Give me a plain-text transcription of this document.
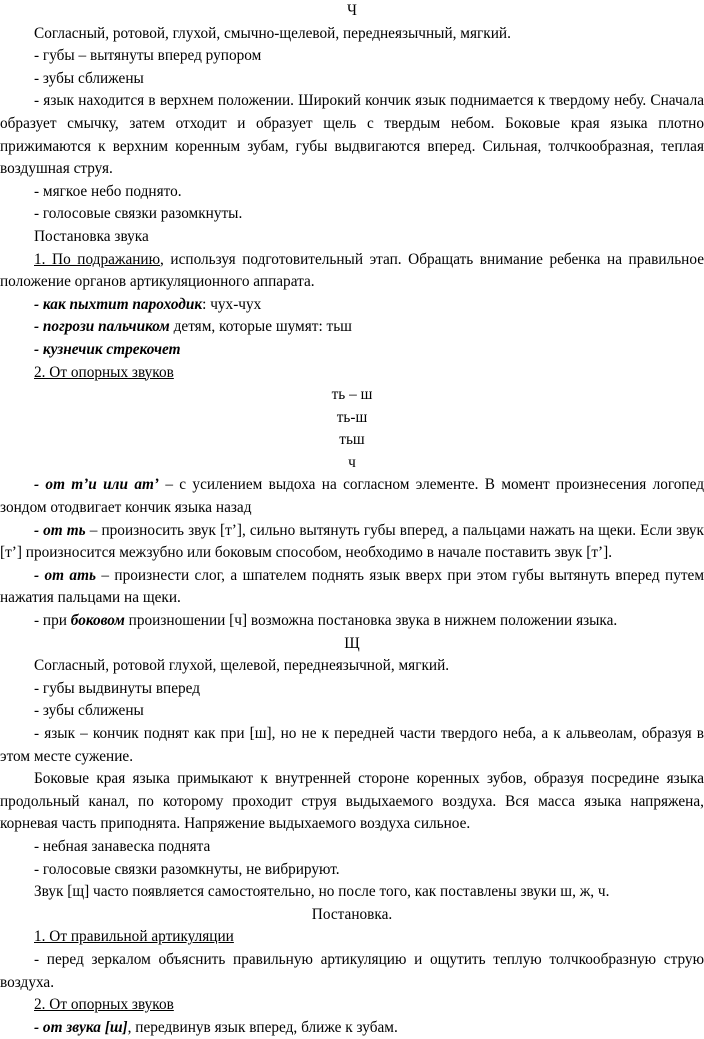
Ч
Согласный, ротовой, глухой, смычно-щелевой, переднеязычный, мягкий.
- губы – вытянуты вперед рупором
- зубы сближены
- язык находится в верхнем положении. Широкий кончик язык поднимается к твердому небу. Сначала образует смычку, затем отходит и образует щель с твердым небом. Боковые края языка плотно прижимаются к верхним коренным зубам, губы выдвигаются вперед. Сильная, толчкообразная, теплая воздушная струя.
- мягкое небо поднято.
- голосовые связки разомкнуты.
Постановка звука
1. По подражанию, используя подготовительный этап. Обращать внимание ребенка на правильное положение органов артикуляционного аппарата.
- как пыхтит пароходик: чух-чух
- погрози пальчиком детям, которые шумят: тьш
- кузнечик стрекочет
2. От опорных звуков
ть – ш
ть-ш
тьш
ч
- от т’и или ат’ – с усилением выдоха на согласном элементе. В момент произнесения логопед зондом отодвигает кончик языка назад
- от ть – произносить звук [т’], сильно вытянуть губы вперед, а пальцами нажать на щеки. Если звук [т’] произносится межзубно или боковым способом, необходимо в начале поставить звук [т’].
- от ать – произнести слог, а шпателем поднять язык вверх при этом губы вытянуть вперед путем нажатия пальцами на щеки.
- при боковом произношении [ч] возможна постановка звука в нижнем положении языка.
Щ
Согласный, ротовой глухой, щелевой, переднеязычной, мягкий.
- губы выдвинуты вперед
- зубы сближены
- язык – кончик поднят как при [ш], но не к передней части твердого неба, а к альвеолам, образуя в этом месте сужение.
Боковые края языка примыкают к внутренней стороне коренных зубов, образуя посредине языка продольный канал, по которому проходит струя выдыхаемого воздуха. Вся масса языка напряжена, корневая часть приподнята. Напряжение выдыхаемого воздуха сильное.
- небная занавеска поднята
- голосовые связки разомкнуты, не вибрируют.
Звук [щ] часто появляется самостоятельно, но после того, как поставлены звуки ш, ж, ч.
Постановка.
1. От правильной артикуляции
- перед зеркалом объяснить правильную артикуляцию и ощутить теплую толчкообразную струю воздуха.
2. От опорных звуков
- от звука [ш], передвинув язык вперед, ближе к зубам.
